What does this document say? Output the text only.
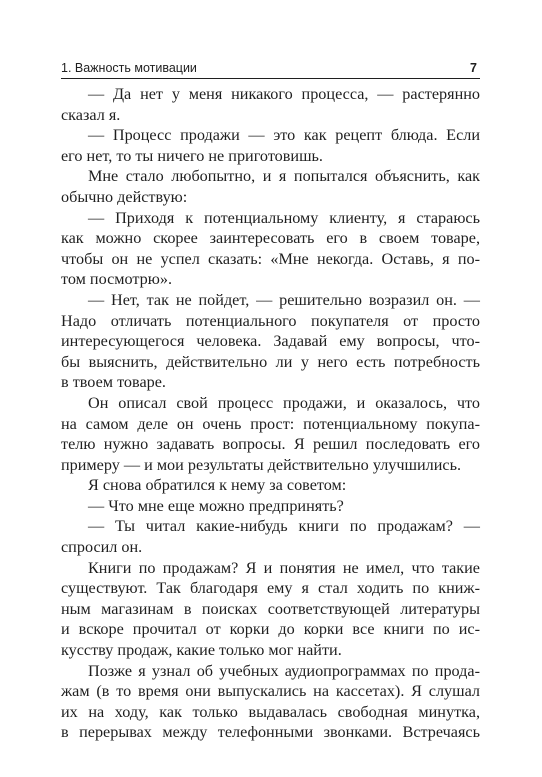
1. Важность мотивации	7

— Да нет у меня никакого процесса, — растерянно
сказал я.

— Процесс продажи — это как рецепт блюда. Если
его нет, то ты ничего не приготовишь.

Мне стало любопытно, и я попытался объяснить, как
обычно действую:

— Приходя к потенциальному клиенту, я стараюсь
как можно скорее заинтересовать его в своем товаре,
чтобы он не успел сказать: «Мне некогда. Оставь, я по-
том посмотрю».

— Нет, так не пойдет, — решительно возразил он. —
Надо отличать потенциального покупателя от просто
интересующегося человека. Задавай ему вопросы, что-
бы выяснить, действительно ли у него есть потребность
в твоем товаре.

Он описал свой процесс продажи, и оказалось, что
на самом деле он очень прост: потенциальному покупа-
телю нужно задавать вопросы. Я решил последовать его
примеру — и мои результаты действительно улучшились.

Я снова обратился к нему за советом:

— Что мне еще можно предпринять?

— Ты читал какие-нибудь книги по продажам? —
спросил он.

Книги по продажам? Я и понятия не имел, что такие
существуют. Так благодаря ему я стал ходить по книж-
ным магазинам в поисках соответствующей литературы
и вскоре прочитал от корки до корки все книги по ис-
кусству продаж, какие только мог найти.

Позже я узнал об учебных аудиопрограммах по прода-
жам (в то время они выпускались на кассетах). Я слушал
их на ходу, как только выдавалась свободная минутка,
в перерывах между телефонными звонками. Встречаясь
